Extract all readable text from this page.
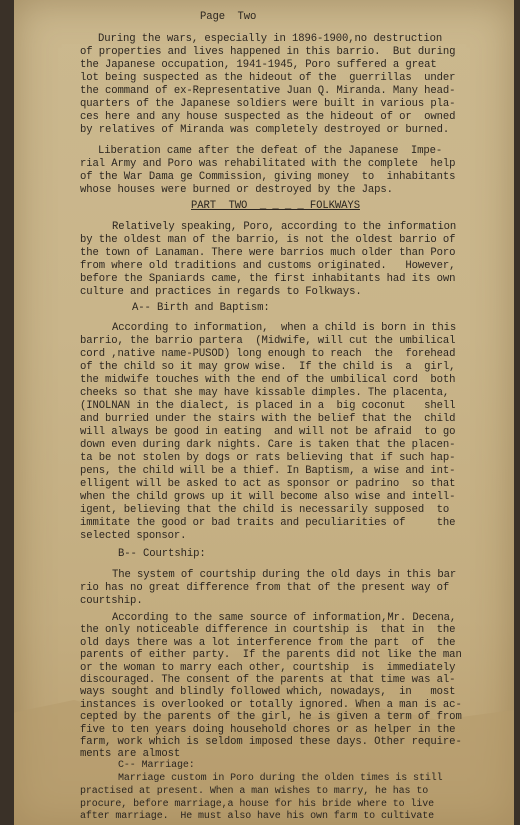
Page  Two

During the wars, especially in 1896-1900,no destruction

of properties and lives happened in this barrio.  But during

the Japanese occupation, 1941-1945, Poro suffered a great

lot being suspected as the hideout of the  guerrillas  under

the command of ex-Representative Juan Q. Miranda. Many head-

quarters of the Japanese soldiers were built in various pla-

ces here and any house suspected as the hideout of or  owned

by relatives of Miranda was completely destroyed or burned.

Liberation came after the defeat of the Japanese  Impe-

rial Army and Poro was rehabilitated with the complete  help

of the War Dama ge Commission, giving money  to  inhabitants

whose houses were burned or destroyed by the Japs.

PART  TWO  _ _ _ _ FOLKWAYS

Relatively speaking, Poro, according to the information

by the oldest man of the barrio, is not the oldest barrio of

the town of Lanaman. There were barrios much older than Poro

from where old traditions and customs originated.   However,

before the Spaniards came, the first inhabitants had its own

culture and practices in regards to Folkways.

A-- Birth and Baptism:

According to information,  when a child is born in this

barrio, the barrio partera  (Midwife, will cut the umbilical

cord ,native name-PUSOD) long enough to reach  the  forehead

of the child so it may grow wise.  If the child is  a  girl,

the midwife touches with the end of the umbilical cord  both

cheeks so that she may have kissable dimples. The placenta,

(INOLNAN in the dialect, is placed in a  big coconut   shell

and burried under the stairs with the belief that the  child

will always be good in eating  and will not be afraid  to go

down even during dark nights. Care is taken that the placen-

ta be not stolen by dogs or rats believing that if such hap-

pens, the child will be a thief. In Baptism, a wise and int-

elligent will be asked to act as sponsor or padrino  so that

when the child grows up it will become also wise and intell-

igent, believing that the child is necessarily supposed  to

immitate the good or bad traits and peculiarities of     the

selected sponsor.

B-- Courtship:

The system of courtship during the old days in this bar

rio has no great difference from that of the present way of

courtship.

According to the same source of information,Mr. Decena,

the only noticeable difference in courtship is  that in  the

old days there was a lot interference from the part  of  the

parents of either party.  If the parents did not like the man

or the woman to marry each other, courtship  is  immediately

discouraged. The consent of the parents at that time was al-

ways sought and blindly followed which, nowadays,  in   most

instances is overlooked or totally ignored. When a man is ac-

cepted by the parents of the girl, he is given a term of from

five to ten years doing household chores or as helper in the

farm, work which is seldom imposed these days. Other require-

ments are almost

C-- Marriage:

Marriage custom in Poro during the olden times is still

practised at present. When a man wishes to marry, he has to

procure, before marriage,a house for his bride where to live

after marriage.  He must also have his own farm to cultivate
